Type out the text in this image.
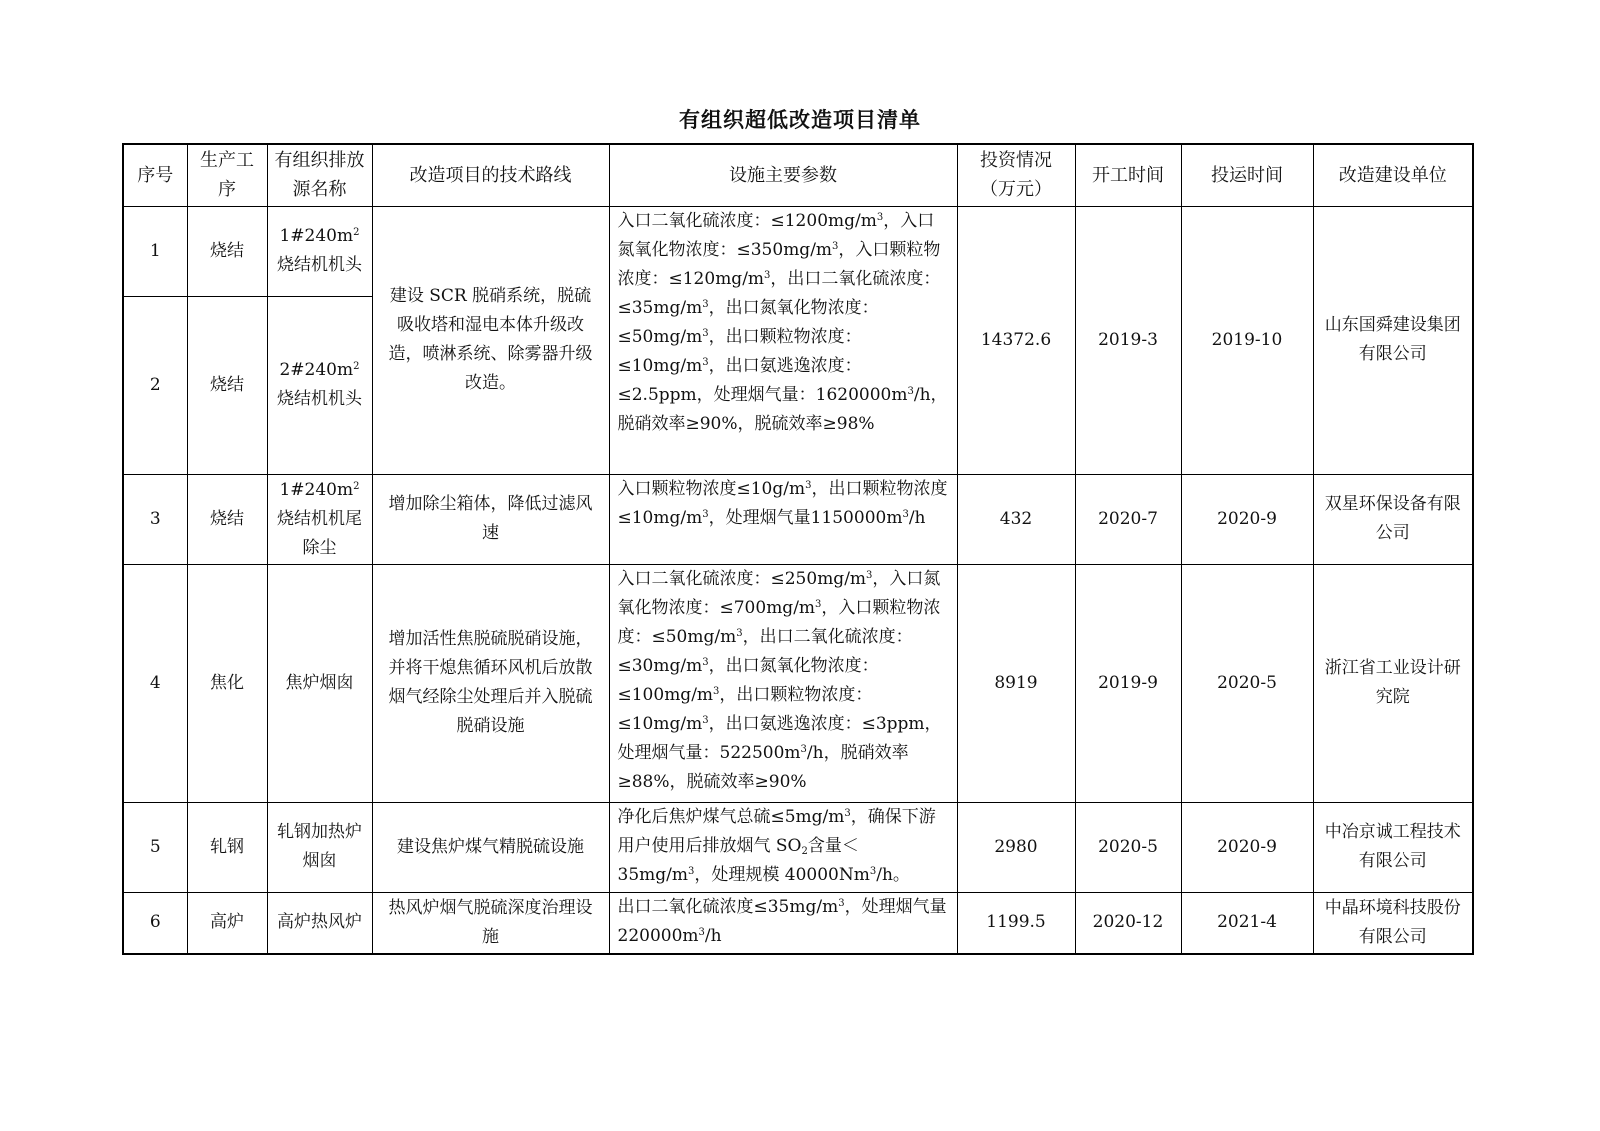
有组织超低改造项目清单
序号	生产工序	有组织排放源名称	改造项目的技术路线	设施主要参数	投资情况（万元）	开工时间	投运时间	改造建设单位
1	烧结	$1\#240m^2$烧结机机头	建设 SCR 脱硝系统，脱硫吸收塔和湿电本体升级改造，喷淋系统、除雾器升级改造。	入口二氧化硫浓度：$\le 1200mg/m^3$，入口氮氧化物浓度：$\le 350mg/m^3$，入口颗粒物浓度：$\le 120mg/m^3$，出口二氧化硫浓度：$\le 35mg/m^3$，出口氮氧化物浓度：$\le 50mg/m^3$，出口颗粒物浓度：$\le 10mg/m^3$，出口氨逃逸浓度：≤2.5ppm，处理烟气量：$1620000m^3/h$，脱硝效率≥90%，脱硫效率≥98%	14372.6	2019-3	2019-10	山东国舜建设集团有限公司
2	烧结	$2\#240m^2$烧结机机头						
3	烧结	$1\#240m^2$烧结机机尾除尘	增加除尘箱体，降低过滤风速	入口颗粒物浓度$\le 10g/m^3$，出口颗粒物浓度$\le 10mg/m^3$，处理烟气量$1150000m^3/h$	432	2020-7	2020-9	双星环保设备有限公司
4	焦化	焦炉烟囱	增加活性焦脱硫脱硝设施，并将干熄焦循环风机后放散烟气经除尘处理后并入脱硫脱硝设施	入口二氧化硫浓度：$\le 250mg/m^3$，入口氮氧化物浓度：$\le 700mg/m^3$，入口颗粒物浓度：$\le 50mg/m^3$，出口二氧化硫浓度：$\le 30mg/m^3$，出口氮氧化物浓度：$\le 100mg/m^3$，出口颗粒物浓度：$\le 10mg/m^3$，出口氨逃逸浓度：≤3ppm，处理烟气量：$522500m^3/h$，脱硝效率≥88%，脱硫效率≥90%	8919	2019-9	2020-5	浙江省工业设计研究院
5	轧钢	轧钢加热炉烟囱	建设焦炉煤气精脱硫设施	净化后焦炉煤气总硫$\le 5mg/m^3$，确保下游用户使用后排放烟气 $SO_2$含量$<35mg/m^3$，处理规模 40000Nm$^3$/h。	2980	2020-5	2020-9	中冶京诚工程技术有限公司
6	高炉	高炉热风炉	热风炉烟气脱硫深度治理设施	出口二氧化硫浓度$\le 35mg/m^3$，处理烟气量 $220000m^3/h$	1199.5	2020-12	2021-4	中晶环境科技股份有限公司
